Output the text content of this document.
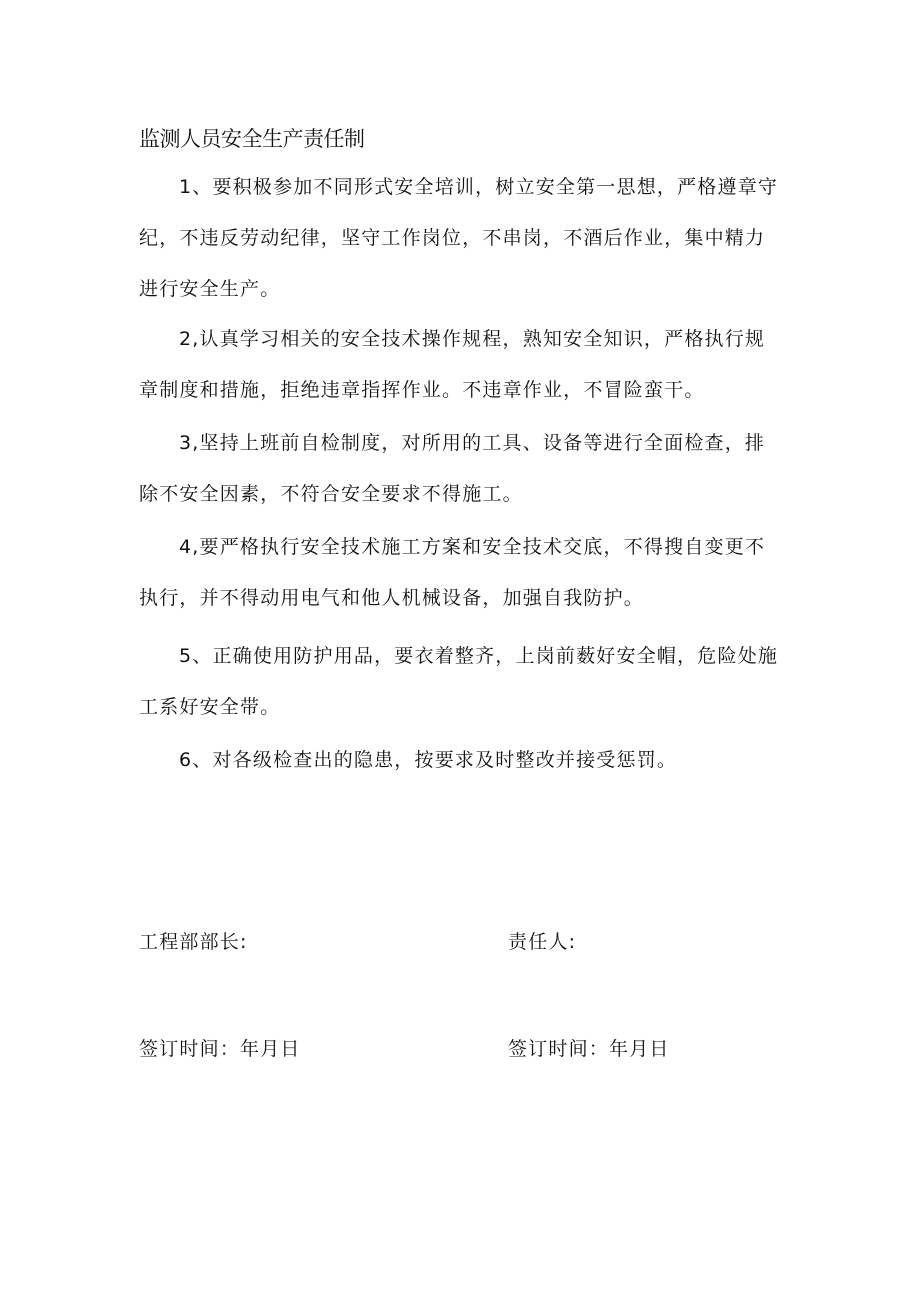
监测人员安全生产责任制

1、要积极参加不同形式安全培训，树立安全第一思想，严格遵章守纪，不违反劳动纪律，坚守工作岗位，不串岗，不酒后作业，集中精力进行安全生产。

2,认真学习相关的安全技术操作规程，熟知安全知识，严格执行规章制度和措施，拒绝违章指挥作业。不违章作业，不冒险蛮干。

3,坚持上班前自检制度，对所用的工具、设备等进行全面检查，排除不安全因素，不符合安全要求不得施工。

4,要严格执行安全技术施工方案和安全技术交底，不得搜自变更不执行，并不得动用电气和他人机械设备，加强自我防护。

5、正确使用防护用品，要衣着整齐，上岗前薮好安全帽，危险处施工系好安全带。

6、对各级检查出的隐患，按要求及时整改并接受惩罚。

工程部部长:	责任人:
签订时间：年月日	签订时间：年月日
